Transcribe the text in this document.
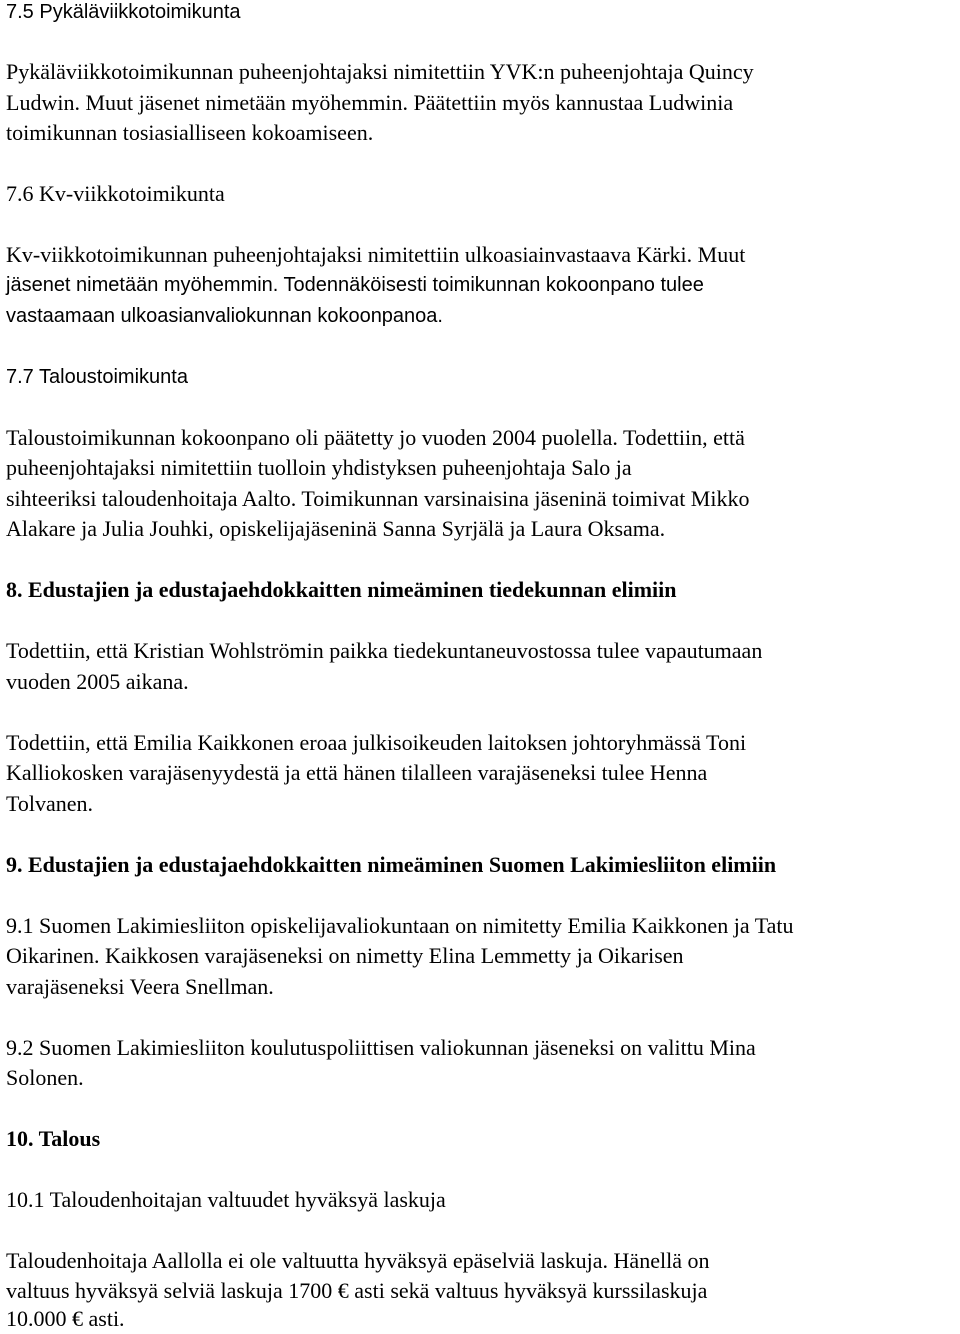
7.5 Pykäläviikkotoimikunta
Pykäläviikkotoimikunnan puheenjohtajaksi nimitettiin YVK:n puheenjohtaja Quincy
Ludwin. Muut jäsenet nimetään myöhemmin. Päätettiin myös kannustaa Ludwinia
toimikunnan tosiasialliseen kokoamiseen.
7.6 Kv-viikkotoimikunta
Kv-viikkotoimikunnan puheenjohtajaksi nimitettiin ulkoasiainvastaava Kärki. Muut
jäsenet nimetään myöhemmin. Todennäköisesti toimikunnan kokoonpano tulee
vastaamaan ulkoasianvaliokunnan kokoonpanoa.
7.7 Taloustoimikunta
Taloustoimikunnan kokoonpano oli päätetty jo vuoden 2004 puolella. Todettiin, että
puheenjohtajaksi nimitettiin tuolloin yhdistyksen puheenjohtaja Salo ja
sihteeriksi taloudenhoitaja Aalto. Toimikunnan varsinaisina jäseninä toimivat Mikko
Alakare ja Julia Jouhki, opiskelijajäseninä Sanna Syrjälä ja Laura Oksama.
8. Edustajien ja edustajaehdokkaitten nimeäminen tiedekunnan elimiin
Todettiin, että Kristian Wohlströmin paikka tiedekuntaneuvostossa tulee vapautumaan
vuoden 2005 aikana.
Todettiin, että Emilia Kaikkonen eroaa julkisoikeuden laitoksen johtoryhmässä Toni
Kalliokosken varajäsenyydestä ja että hänen tilalleen varajäseneksi tulee Henna
Tolvanen.
9. Edustajien ja edustajaehdokkaitten nimeäminen Suomen Lakimiesliiton elimiin
9.1 Suomen Lakimiesliiton opiskelijavaliokuntaan on nimitetty Emilia Kaikkonen ja Tatu
Oikarinen. Kaikkosen varajäseneksi on nimetty Elina Lemmetty ja Oikarisen
varajäseneksi Veera Snellman.
9.2 Suomen Lakimiesliiton koulutuspoliittisen valiokunnan jäseneksi on valittu Mina
Solonen.
10. Talous
10.1 Taloudenhoitajan valtuudet hyväksyä laskuja
Taloudenhoitaja Aallolla ei ole valtuutta hyväksyä epäselviä laskuja. Hänellä on
valtuus hyväksyä selviä laskuja 1700 € asti sekä valtuus hyväksyä kurssilaskuja
10.000 € asti.
